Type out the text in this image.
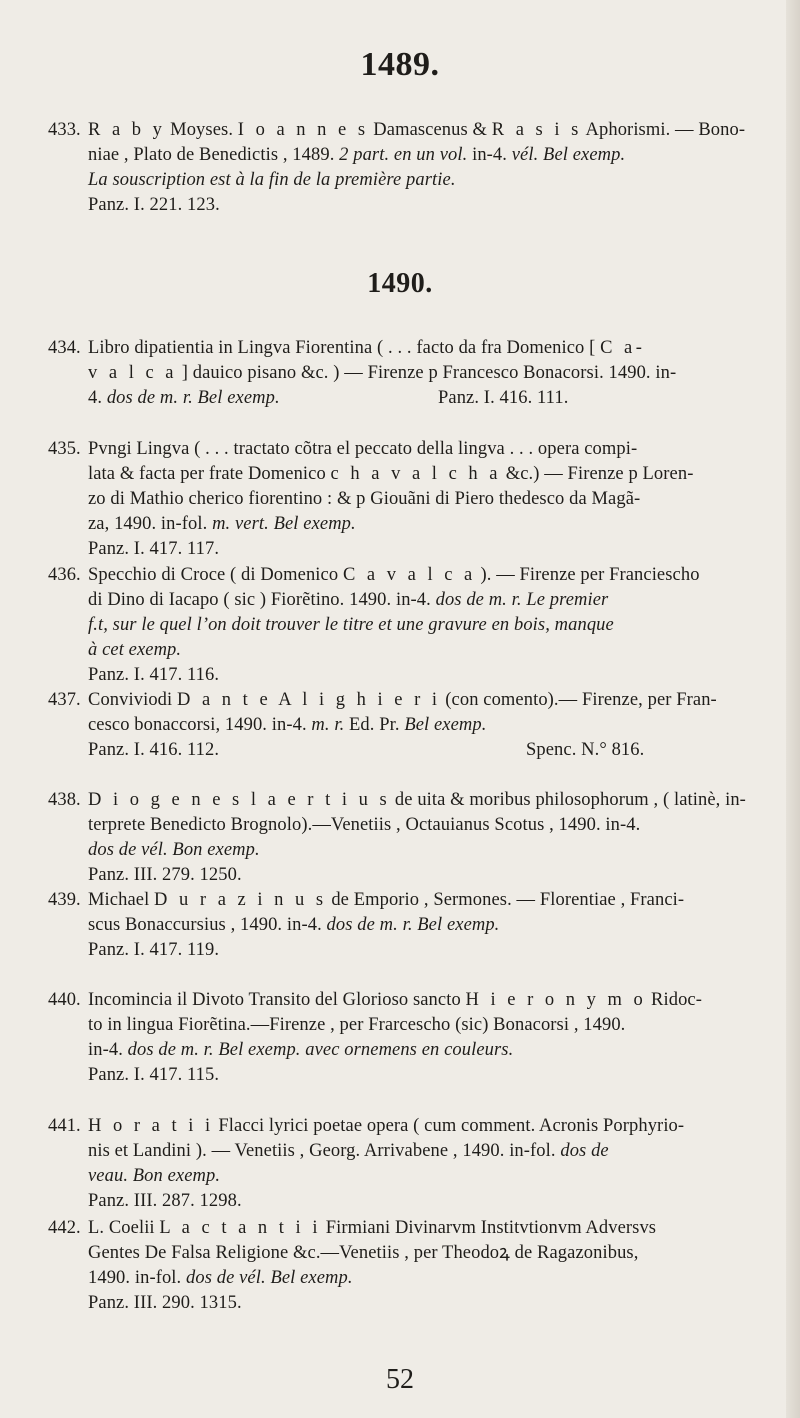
1489.

433. R a b y Moyses. I o a n n e s Damascenus & R a s i s Aphorismi. — Bono-

niae , Plato de Benedictis , 1489. 2 part. en un vol. in-4. vél. Bel exemp.

La souscription est à la fin de la première partie.

Panz. I. 221. 123.

1490.

434. Libro dipatientia in Lingva Fiorentina ( . . . facto da fra Domenico [ C a-

v a l c a ] dauico pisano &c. ) — Firenze p Francesco Bonacorsi. 1490. in-

4. dos de m. r. Bel exemp.	Panz. I. 416. 111.

435. Pvngi Lingva ( . . . tractato cõtra el peccato della lingva . . . opera compi-

lata & facta per frate Domenico c h a v a l c h a &c.) — Firenze p Loren-

zo di Mathio cherico fiorentino : & p Giouãni di Piero thedesco da Magã-

za, 1490. in-fol. m. vert. Bel exemp.

Panz. I. 417. 117.

436. Specchio di Croce ( di Domenico C a v a l c a ). — Firenze per Franciescho

di Dino di Iacapo ( sic ) Fiorẽtino. 1490. in-4. dos de m. r. Le premier

f.t, sur le quel l’on doit trouver le titre et une gravure en bois, manque

à cet exemp.

Panz. I. 417. 116.

437. Conviviodi D a n t e A l i g h i e r i (con comento).— Firenze, per Fran-

cesco bonaccorsi, 1490. in-4. m. r. Ed. Pr. Bel exemp.

Panz. I. 416. 112.	Spenc. N.° 816.

438. D i o g e n e s l a e r t i u s de uita & moribus philosophorum , ( latinè, in-

terprete Benedicto Brognolo).—Venetiis , Octauianus Scotus , 1490. in-4.

dos de vél. Bon exemp.

Panz. III. 279. 1250.

439. Michael D u r a z i n u s de Emporio , Sermones. — Florentiae , Franci-

scus Bonaccursius , 1490. in-4. dos de m. r. Bel exemp.

Panz. I. 417. 119.

440. Incomincia il Divoto Transito del Glorioso sancto H i e r o n y m o Ridoc-

to in lingua Fiorẽtina.—Firenze , per Frarcescho (sic) Bonacorsi , 1490.

in-4. dos de m. r. Bel exemp. avec ornemens en couleurs.

Panz. I. 417. 115.

441. H o r a t i i Flacci lyrici poetae opera ( cum comment. Acronis Porphyrio-

nis et Landini ). — Venetiis , Georg. Arrivabene , 1490. in-fol. dos de

veau. Bon exemp.

Panz. III. 287. 1298.

442. L. Coelii L a c t a n t i i Firmiani Divinarvm Institvtionvm Adversvs

Gentes De Falsa Religione &c.—Venetiis , per Theodoꝝ de Ragazonibus,

1490. in-fol. dos de vél. Bel exemp.

Panz. III. 290. 1315.

52
